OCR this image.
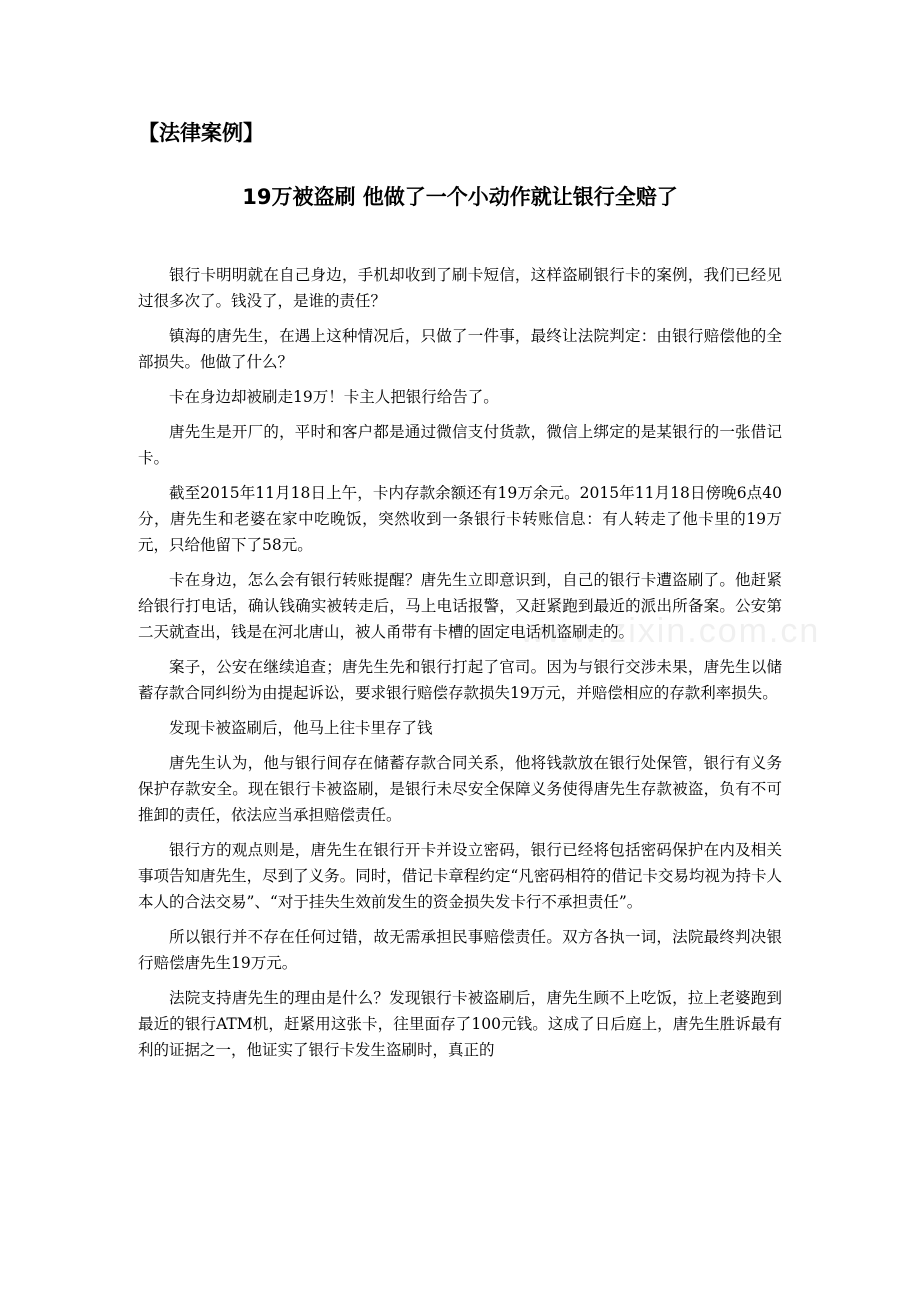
【法律案例】
19万被盗刷 他做了一个小动作就让银行全赔了
www.zixin.com.cn

银行卡明明就在自己身边，手机却收到了刷卡短信，这样盗刷银行卡的案例，我们已经见过很多次了。钱没了，是谁的责任？

镇海的唐先生，在遇上这种情况后，只做了一件事，最终让法院判定：由银行赔偿他的全部损失。他做了什么？

卡在身边却被刷走19万！卡主人把银行给告了。

唐先生是开厂的，平时和客户都是通过微信支付货款，微信上绑定的是某银行的一张借记卡。

截至2015年11月18日上午，卡内存款余额还有19万余元。2015年11月18日傍晚6点40分，唐先生和老婆在家中吃晚饭，突然收到一条银行卡转账信息：有人转走了他卡里的19万元，只给他留下了58元。

卡在身边，怎么会有银行转账提醒？唐先生立即意识到，自己的银行卡遭盗刷了。他赶紧给银行打电话，确认钱确实被转走后，马上电话报警，又赶紧跑到最近的派出所备案。公安第二天就查出，钱是在河北唐山，被人甬带有卡槽的固定电话机盗刷走的。

案子，公安在继续追查；唐先生先和银行打起了官司。因为与银行交涉未果，唐先生以储蓄存款合同纠纷为由提起诉讼，要求银行赔偿存款损失19万元，并赔偿相应的存款利率损失。

发现卡被盗刷后，他马上往卡里存了钱

唐先生认为，他与银行间存在储蓄存款合同关系，他将钱款放在银行处保管，银行有义务保护存款安全。现在银行卡被盗刷，是银行未尽安全保障义务使得唐先生存款被盗，负有不可推卸的责任，依法应当承担赔偿责任。

银行方的观点则是，唐先生在银行开卡并设立密码，银行已经将包括密码保护在内及相关事项告知唐先生，尽到了义务。同时，借记卡章程约定“凡密码相符的借记卡交易均视为持卡人本人的合法交易”、“对于挂失生效前发生的资金损失发卡行不承担责任”。

所以银行并不存在任何过错，故无需承担民事赔偿责任。双方各执一词，法院最终判决银行赔偿唐先生19万元。

法院支持唐先生的理由是什么？发现银行卡被盗刷后，唐先生顾不上吃饭，拉上老婆跑到最近的银行ATM机，赶紧用这张卡，往里面存了100元钱。这成了日后庭上，唐先生胜诉最有利的证据之一，他证实了银行卡发生盗刷时，真正的
